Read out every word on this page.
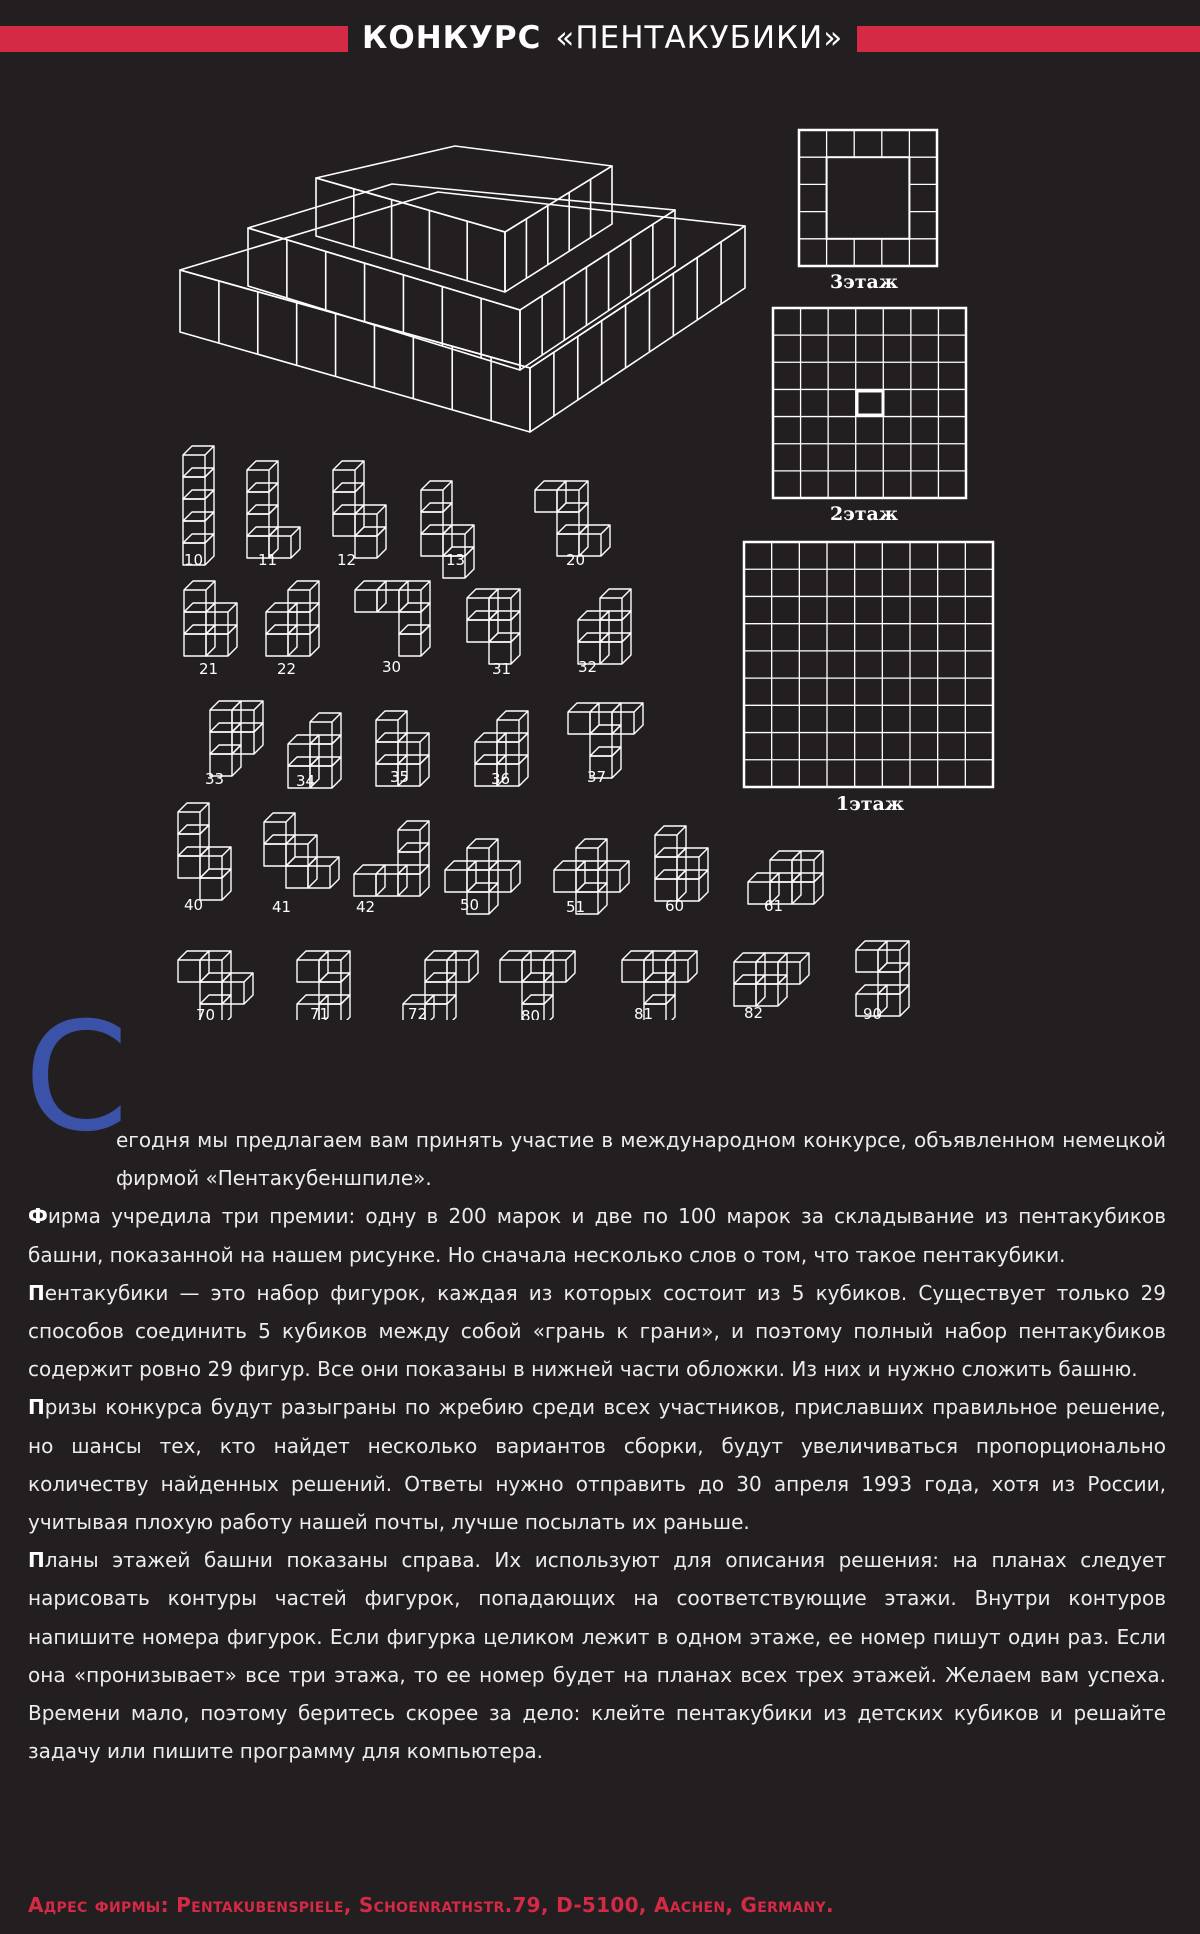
КОНКУРС «ПЕНТАКУБИКИ»
3этаж
2этаж
1этаж
10	11	12	13	20
21	22	30	31	32
33	34	35	36	37
40	41	42	50	51	60	61
70	71	72	80	81	82	90
С

егодня мы предлагаем вам принять участие в международном конкурсе, объявленном немецкой фирмой «Пентакубеншпиле».

Фирма учредила три премии: одну в 200 марок и две по 100 марок за складывание из пентакубиков башни, показанной на нашем рисунке. Но сначала несколько слов о том, что такое пентакубики.

Пентакубики — это набор фигурок, каждая из которых состоит из 5 кубиков. Существует только 29 способов соединить 5 кубиков между собой «грань к грани», и поэтому полный набор пентакубиков содержит ровно 29 фигур. Все они показаны в нижней части обложки. Из них и нужно сложить башню.

Призы конкурса будут разыграны по жребию среди всех участников, приславших правильное решение, но шансы тех, кто найдет несколько вариантов сборки, будут увеличиваться пропорционально количеству найденных решений. Ответы нужно отправить до 30 апреля 1993 года, хотя из России, учитывая плохую работу нашей почты, лучше посылать их раньше.

Планы этажей башни показаны справа. Их используют для описания решения: на планах следует нарисовать контуры частей фигурок, попадающих на соответствующие этажи. Внутри контуров напишите номера фигурок. Если фигурка целиком лежит в одном этаже, ее номер пишут один раз. Если она «пронизывает» все три этажа, то ее номер будет на планах всех трех этажей. Желаем вам успеха. Времени мало, поэтому беритесь скорее за дело: клейте пентакубики из детских кубиков и решайте задачу или пишите программу для компьютера.

Адрес фирмы: Pentakubenspiele, Schoenrathstr.79, D-5100, Aachen, Germany.
